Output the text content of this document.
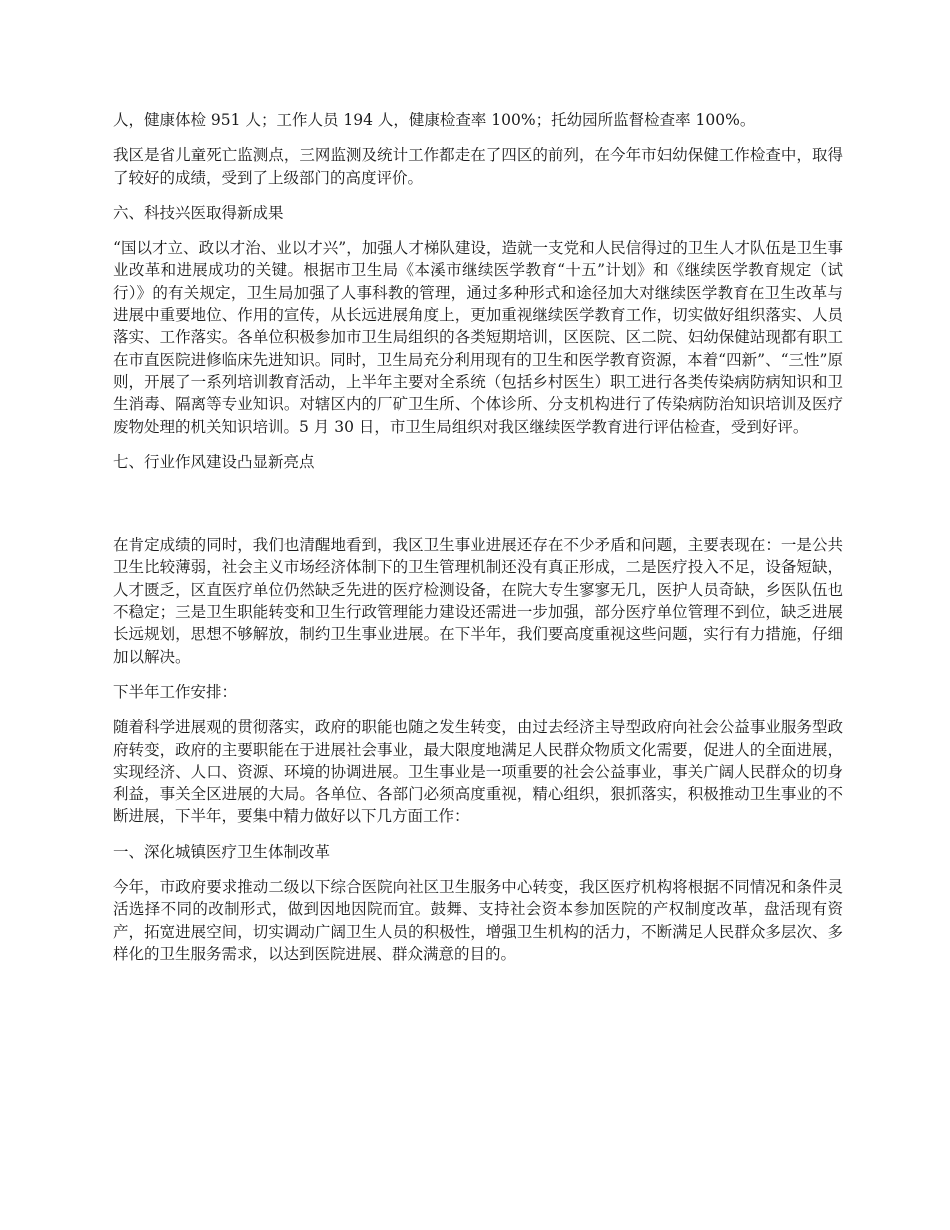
人，健康体检 951 人；工作人员 194 人，健康检查率 100%；托幼园所监督检查率 100%。

我区是省儿童死亡监测点，三网监测及统计工作都走在了四区的前列，在今年市妇幼保健工作检查中，取得了较好的成绩，受到了上级部门的高度评价。

六、科技兴医取得新成果

“国以才立、政以才治、业以才兴”，加强人才梯队建设，造就一支党和人民信得过的卫生人才队伍是卫生事业改革和进展成功的关键。根据市卫生局《本溪市继续医学教育“十五”计划》和《继续医学教育规定（试行）》的有关规定，卫生局加强了人事科教的管理，通过多种形式和途径加大对继续医学教育在卫生改革与进展中重要地位、作用的宣传，从长远进展角度上，更加重视继续医学教育工作，切实做好组织落实、人员落实、工作落实。各单位积极参加市卫生局组织的各类短期培训，区医院、区二院、妇幼保健站现都有职工在市直医院进修临床先进知识。同时，卫生局充分利用现有的卫生和医学教育资源，本着“四新”、“三性”原则，开展了一系列培训教育活动，上半年主要对全系统（包括乡村医生）职工进行各类传染病防病知识和卫生消毒、隔离等专业知识。对辖区内的厂矿卫生所、个体诊所、分支机构进行了传染病防治知识培训及医疗废物处理的机关知识培训。5 月 30 日，市卫生局组织对我区继续医学教育进行评估检查，受到好评。

七、行业作风建设凸显新亮点

在肯定成绩的同时，我们也清醒地看到，我区卫生事业进展还存在不少矛盾和问题，主要表现在：一是公共卫生比较薄弱，社会主义市场经济体制下的卫生管理机制还没有真正形成，二是医疗投入不足，设备短缺，人才匮乏，区直医疗单位仍然缺乏先进的医疗检测设备，在院大专生寥寥无几，医护人员奇缺，乡医队伍也不稳定；三是卫生职能转变和卫生行政管理能力建设还需进一步加强，部分医疗单位管理不到位，缺乏进展长远规划，思想不够解放，制约卫生事业进展。在下半年，我们要高度重视这些问题，实行有力措施，仔细加以解决。

下半年工作安排：

随着科学进展观的贯彻落实，政府的职能也随之发生转变，由过去经济主导型政府向社会公益事业服务型政府转变，政府的主要职能在于进展社会事业，最大限度地满足人民群众物质文化需要，促进人的全面进展，实现经济、人口、资源、环境的协调进展。卫生事业是一项重要的社会公益事业，事关广阔人民群众的切身利益，事关全区进展的大局。各单位、各部门必须高度重视，精心组织，狠抓落实，积极推动卫生事业的不断进展，下半年，要集中精力做好以下几方面工作：

一、深化城镇医疗卫生体制改革

今年，市政府要求推动二级以下综合医院向社区卫生服务中心转变，我区医疗机构将根据不同情况和条件灵活选择不同的改制形式，做到因地因院而宜。鼓舞、支持社会资本参加医院的产权制度改革，盘活现有资产，拓宽进展空间，切实调动广阔卫生人员的积极性，增强卫生机构的活力，不断满足人民群众多层次、多样化的卫生服务需求，以达到医院进展、群众满意的目的。
